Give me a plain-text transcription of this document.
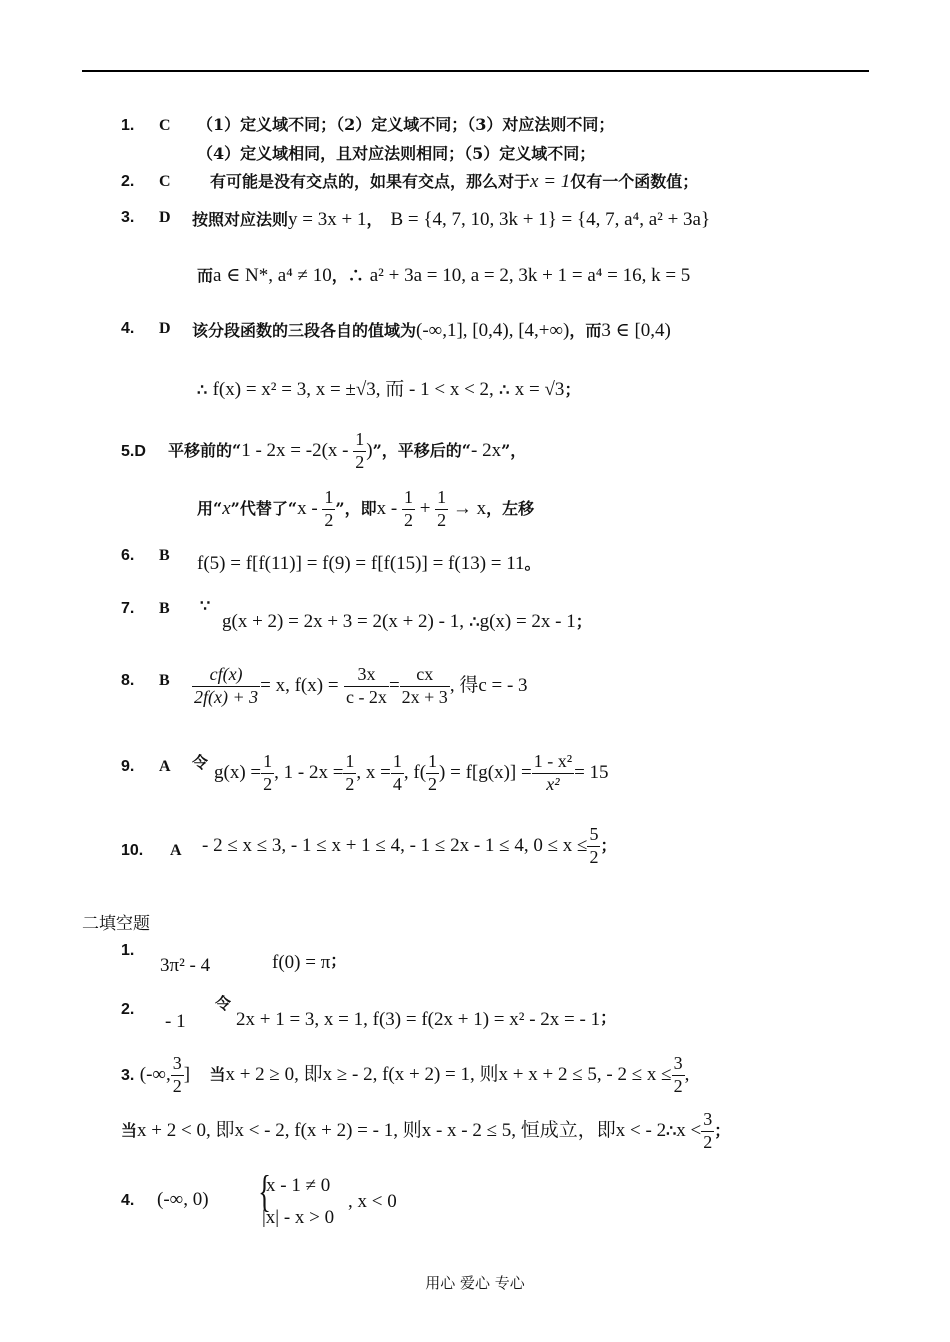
1. C （1）定义域不同；（2）定义域不同；（3）对应法则不同；
（4）定义域相同，且对应法则相同；（5）定义域不同；
2. C 有可能是没有交点的，如果有交点，那么对于x = 1仅有一个函数值；
3. D 按照对应法则y = 3x + 1， B = {4, 7, 10, 3k + 1} = {4, 7, a⁴, a² + 3a}
而a ∈ N*, a⁴ ≠ 10，∴ a² + 3a = 10, a = 2, 3k + 1 = a⁴ = 16, k = 5
4. D 该分段函数的三段各自的值域为(-∞,1], [0,4), [4,+∞)，而3 ∈ [0,4)
∴ f(x) = x² = 3, x = ±√3, 而 - 1 < x < 2, ∴ x = √3；
5.D 平移前的“$1 - 2x = -2(x - \frac{1}{2}$ )”，平移后的“- 2x”，
用“x”代替了“x - $\frac{1}{2}$ ”，即$x - \frac{1}{2} + \frac{1}{2} \to x$，左移
6. B f(5) = f[f(11)] = f(9) = f[f(15)] = f(13) = 11。
7. B ∵
g(x + 2) = 2x + 3 = 2(x + 2) - 1, ∴g(x) = 2x - 1；
8. B $\frac{cf(x)}{2f(x) + 3} = x$, $f(x) = \frac{3x}{c - 2x} = \frac{cx}{2x + 3}$ , 得c = - 3
9. A 令 $g(x) = \frac{1}{2}$ , $1 - 2x = \frac{1}{2}$ , $x = \frac{1}{4}$ , $f( \frac{1}{2}$ ) = $f[g(x)] = \frac{\text{1 - x²}}{\text{x²}} = 15$
10. A - 2 ≤ x ≤ 3, - 1 ≤ x + 1 ≤ 4, - 1 ≤ 2x - 1 ≤ 4, $0 \le x \le \frac{5}{2}$ ；
二填空题
1.
3π² - 4	f(0) = π；
2.
- 1
令
2x + 1 = 3, x = 1, f(3) = f(2x + 1) = x² - 2x = - 1；
3. (-∞, $\frac{3}{2}$ ] 当x + 2 ≥ 0, 即x ≥ - 2, f(x + 2) = 1, 则x + x + 2 ≤ 5, - $2 \le x \le \frac{3}{2}$ ,
当x + 2 < 0, 即x < - 2, f(x + 2) = - 1, 则x - x - 2 ≤ 5, 恒成立，即x < - 2∴x < $\frac{3}{2}$ ；
4. (-∞, 0) {
x - 1 ≠ 0
|x| - x > 0
, x < 0
用心 爱心 专心
